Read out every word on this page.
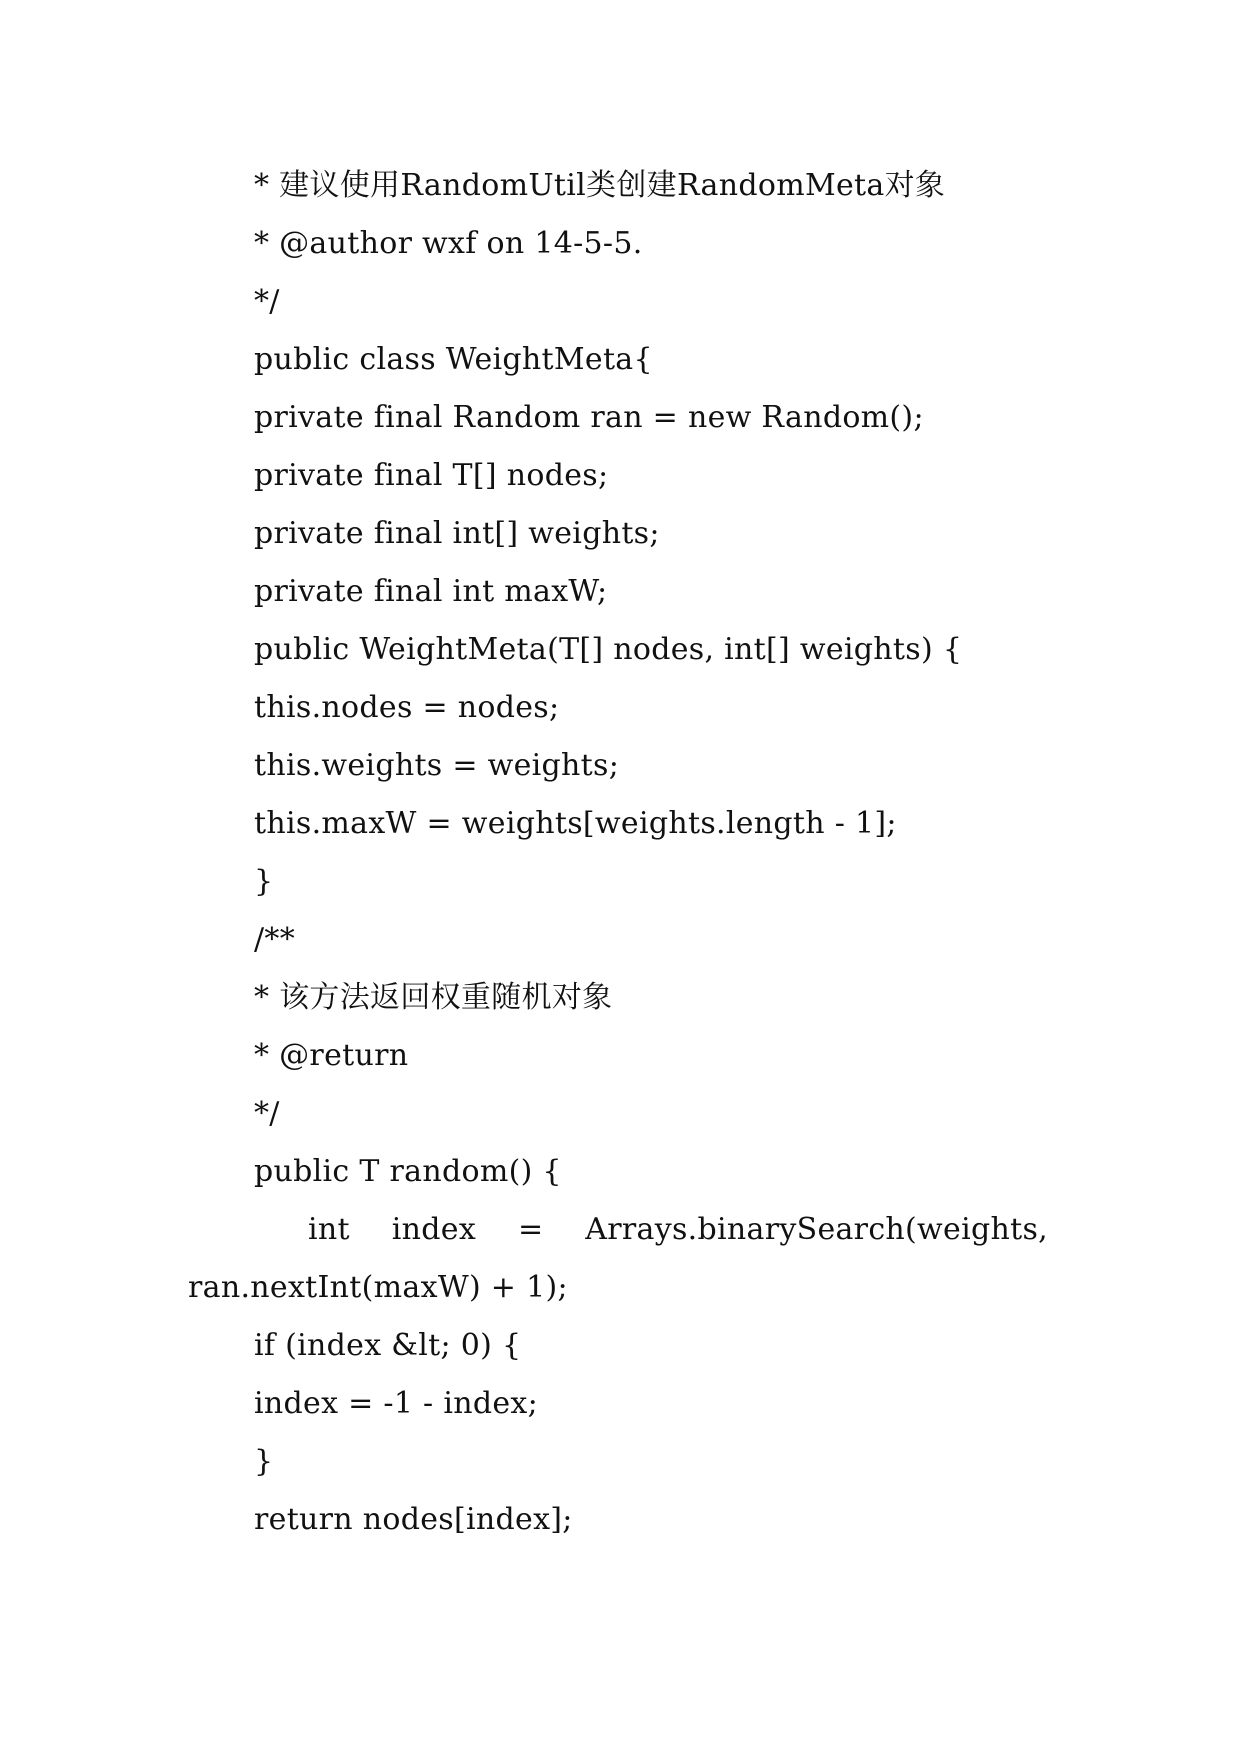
* 建议使用RandomUtil类创建RandomMeta对象

* @author wxf on 14-5-5.

*/

public class WeightMeta{

private final Random ran = new Random();

private final T[] nodes;

private final int[] weights;

private final int maxW;

public WeightMeta(T[] nodes, int[] weights) {

this.nodes = nodes;

this.weights = weights;

this.maxW = weights[weights.length - 1];

}

/**

* 该方法返回权重随机对象

* @return

*/

public T random() {

int index = Arrays.binarySearch(weights,

ran.nextInt(maxW) + 1);

if (index &lt; 0) {

index = -1 - index;

}

return nodes[index];
